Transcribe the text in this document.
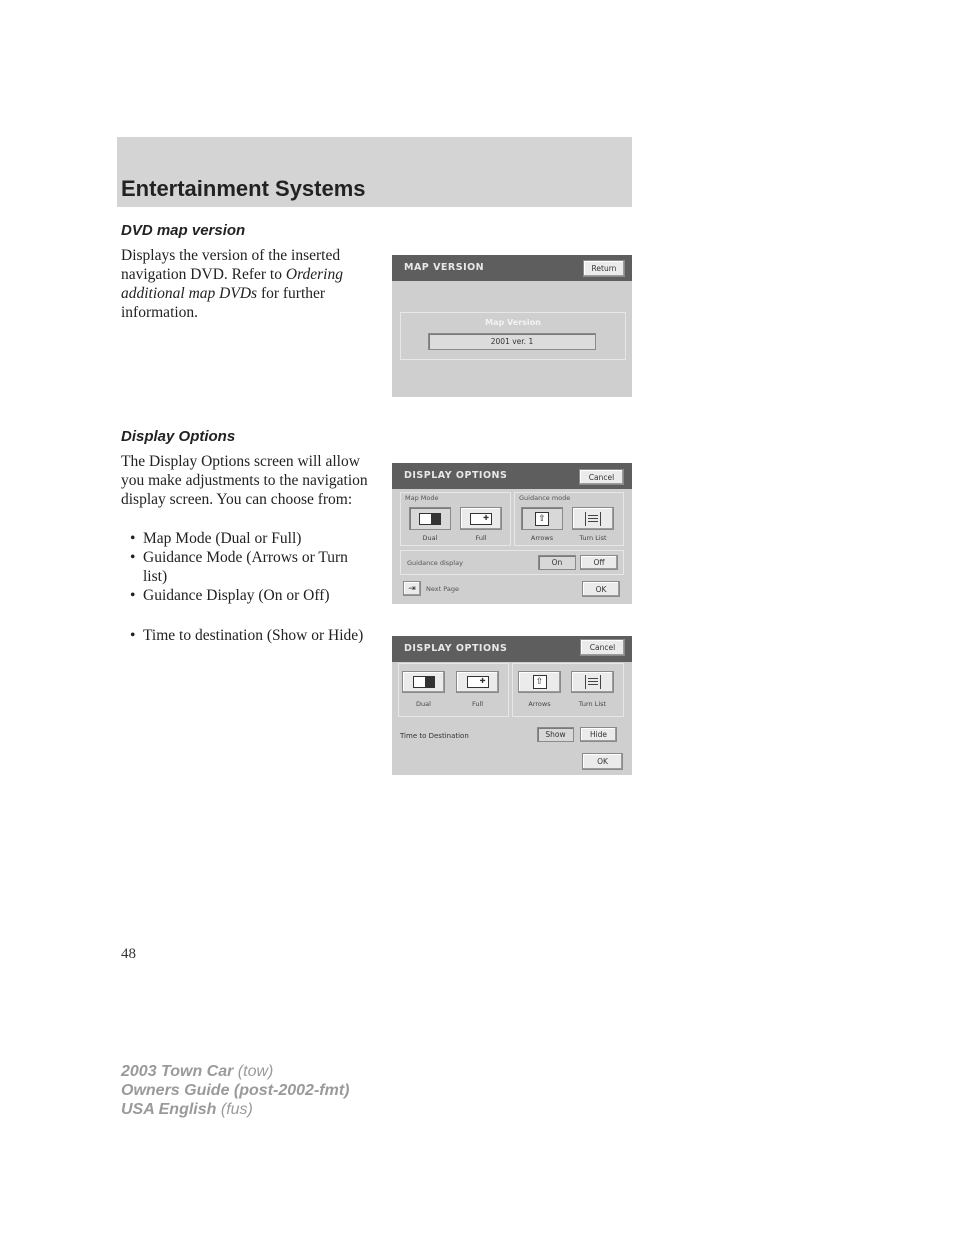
Entertainment Systems
DVD map version
Displays the version of the inserted navigation DVD. Refer to Ordering additional map DVDs for further information.
MAP VERSION	Return
Map Version
2001 ver. 1
Display Options
The Display Options screen will allow you make adjustments to the navigation display screen. You can choose from:
• Map Mode (Dual or Full)
• Guidance Mode (Arrows or Turn list)
• Guidance Display (On or Off)
• Time to destination (Show or Hide)
DISPLAY OPTIONS	Cancel
Map Mode
✚
Dual	Full
Guidance mode
⇧
Arrows	Turn List
Guidance display	On	Off
⇥ Next Page	OK
DISPLAY OPTIONS	Cancel
✚
Dual	Full
⇧
Arrows	Turn List
Time to Destination	Show	Hide
OK
48
2003 Town Car (tow)
Owners Guide (post-2002-fmt)
USA English (fus)
